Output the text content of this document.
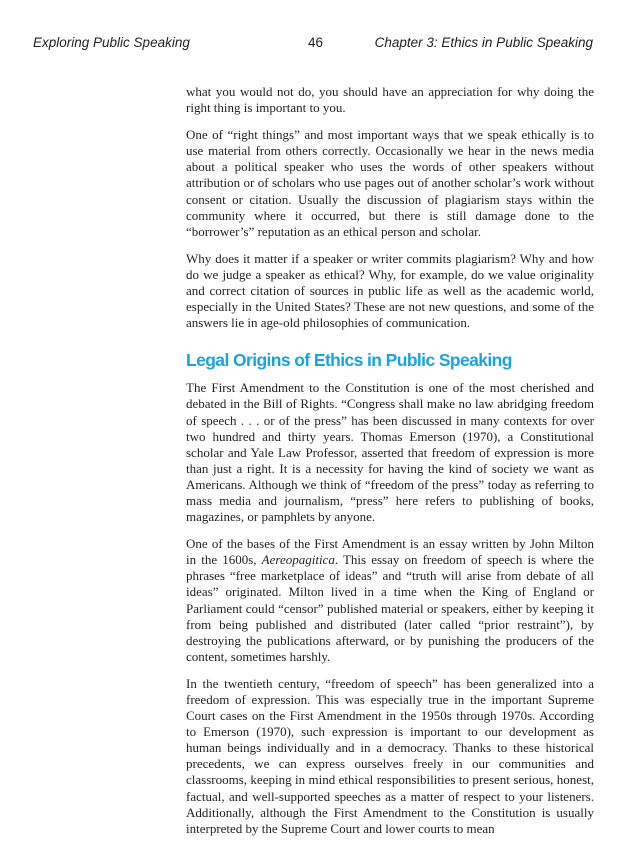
Exploring Public Speaking	46	Chapter 3: Ethics in Public Speaking

what you would not do, you should have an appreciation for why doing the right thing is important to you.

One of “right things” and most important ways that we speak ethically is to use material from others correctly. Occasionally we hear in the news media about a political speaker who uses the words of other speakers without attribution or of scholars who use pages out of another scholar’s work without consent or citation. Usually the discussion of plagiarism stays within the community where it occurred, but there is still damage done to the “borrower’s” reputation as an ethical person and scholar.

Why does it matter if a speaker or writer commits plagiarism? Why and how do we judge a speaker as ethical? Why, for example, do we value originality and correct citation of sources in public life as well as the academic world, especially in the United States? These are not new questions, and some of the answers lie in age-old philosophies of communication.

Legal Origins of Ethics in Public Speaking

The First Amendment to the Constitution is one of the most cherished and debated in the Bill of Rights. “Congress shall make no law abridging freedom of speech . . . or of the press” has been discussed in many contexts for over two hundred and thirty years. Thomas Emerson (1970), a Constitutional scholar and Yale Law Professor, asserted that freedom of expression is more than just a right. It is a necessity for having the kind of society we want as Americans. Although we think of “freedom of the press” today as referring to mass media and journalism, “press” here refers to publishing of books, magazines, or pamphlets by anyone.

One of the bases of the First Amendment is an essay written by John Milton in the 1600s, Aereopagitica. This essay on freedom of speech is where the phrases “free marketplace of ideas” and “truth will arise from debate of all ideas” originated. Milton lived in a time when the King of England or Parliament could “censor” published material or speakers, either by keeping it from being published and distributed (later called “prior restraint”), by destroying the publications afterward, or by punishing the producers of the content, sometimes harshly.

In the twentieth century, “freedom of speech” has been generalized into a freedom of expression. This was especially true in the important Supreme Court cases on the First Amendment in the 1950s through 1970s. According to Emerson (1970), such expression is important to our development as human beings individually and in a democracy. Thanks to these historical precedents, we can express ourselves freely in our communities and classrooms, keeping in mind ethical responsibilities to present serious, honest, factual, and well-supported speeches as a matter of respect to your listeners. Additionally, although the First Amendment to the Constitution is usually interpreted by the Supreme Court and lower courts to mean
